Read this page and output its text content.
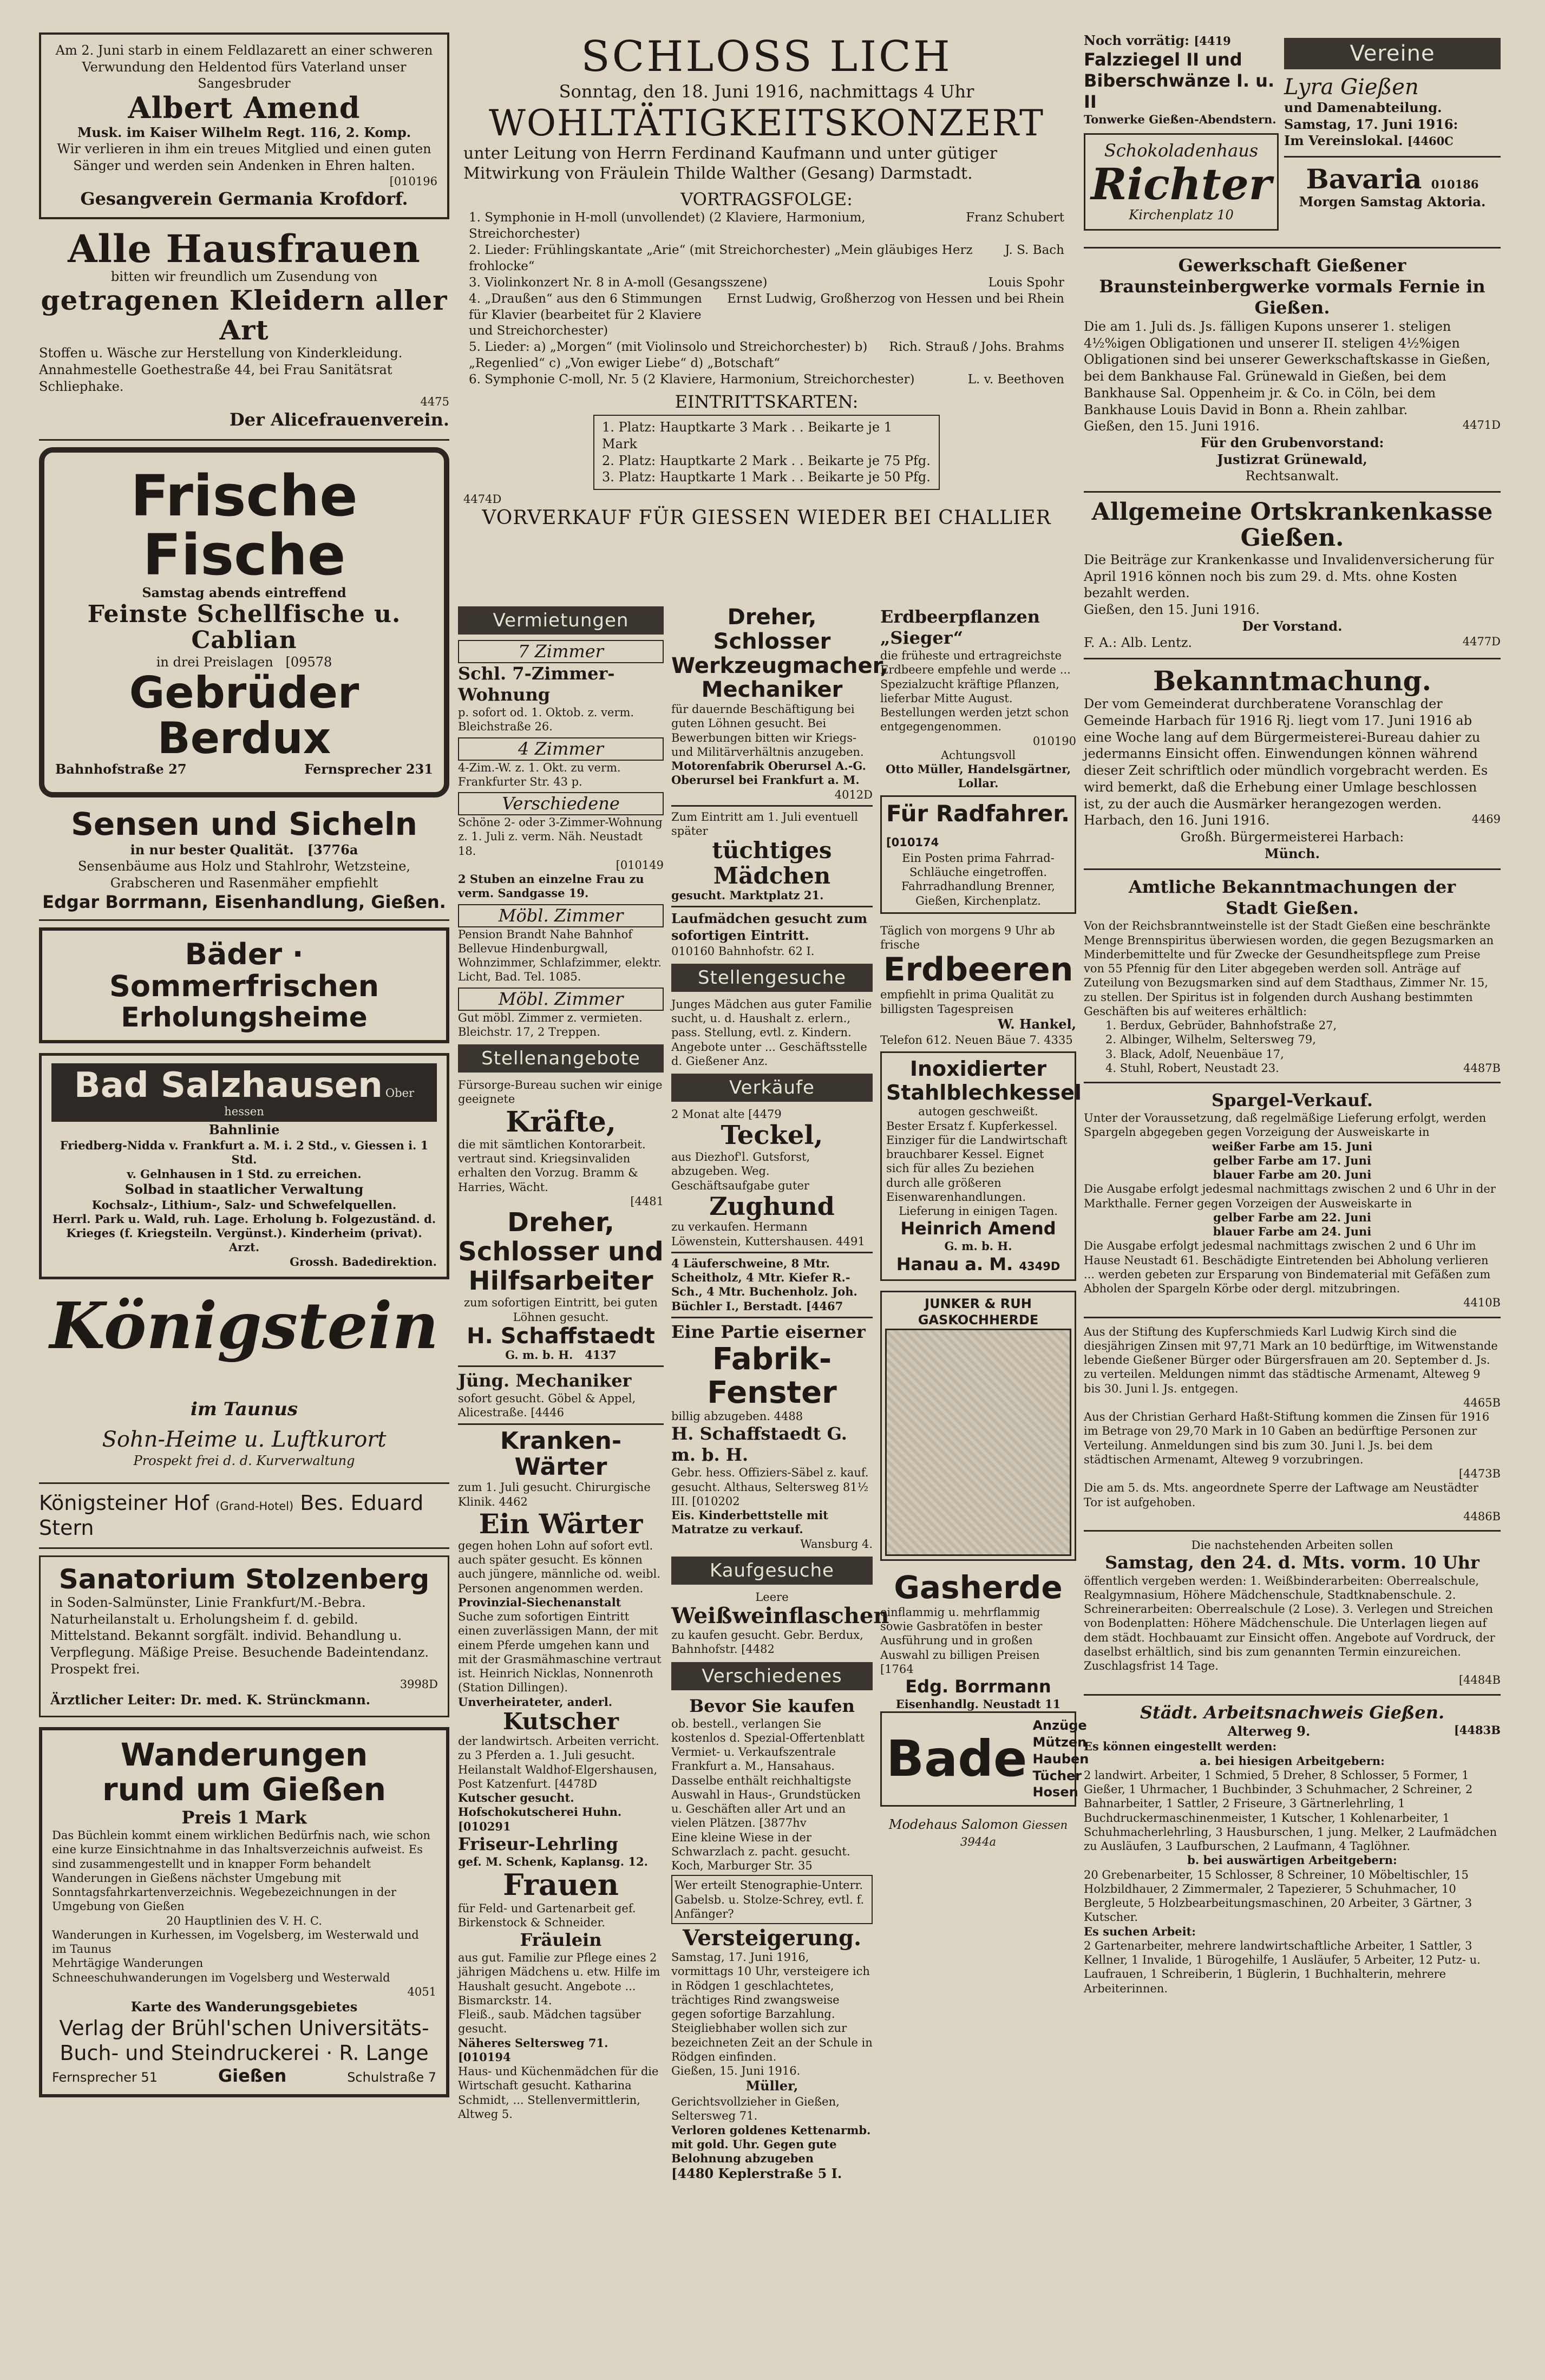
Am 2. Juni starb in einem Feldlazarett an einer schweren Verwundung den Heldentod fürs Vaterland unser Sangesbruder

Albert Amend

Musk. im Kaiser Wilhelm Regt. 116, 2. Komp.

Wir verlieren in ihm ein treues Mitglied und einen guten Sänger und werden sein Andenken in Ehren halten.

[010196

Gesangverein Germania Krofdorf.

Alle Hausfrauen

bitten wir freundlich um Zusendung von

getragenen Kleidern aller Art

Stoffen u. Wäsche zur Herstellung von Kinderkleidung. Annahmestelle Goethestraße 44, bei Frau Sanitätsrat Schliephake.

4475

Der Alicefrauenverein.

Frische Fische

Samstag abends eintreffend

Feinste Schellfische u. Cablian

in drei Preislagen [09578

Gebrüder Berdux

Bahnhofstraße 27	Fernsprecher 231

Sensen und Sicheln

in nur bester Qualität. [3776a

Sensenbäume aus Holz und Stahlrohr, Wetzsteine, Grabscheren und Rasenmäher empfiehlt

Edgar Borrmann, Eisenhandlung, Gießen.

Bäder · Sommerfrischen

Erholungsheime

Bad Salzhausen Ober hessen

Bahnlinie

Friedberg-Nidda v. Frankfurt a. M. i. 2 Std., v. Giessen i. 1 Std.

v. Gelnhausen in 1 Std. zu erreichen.

Solbad in staatlicher Verwaltung

Kochsalz-, Lithium-, Salz- und Schwefelquellen.

Herrl. Park u. Wald, ruh. Lage. Erholung b. Folgezuständ. d. Krieges (f. Kriegsteiln. Vergünst.). Kinderheim (privat). Arzt.

Grossh. Badedirektion.

Königstein im Taunus

Sohn-Heime u. Luftkurort

Prospekt frei d. d. Kurverwaltung

Königsteiner Hof (Grand-Hotel) Bes. Eduard Stern

Sanatorium Stolzenberg

in Soden-Salmünster, Linie Frankfurt/M.-Bebra. Naturheilanstalt u. Erholungsheim f. d. gebild. Mittelstand. Bekannt sorgfält. individ. Behandlung u. Verpflegung. Mäßige Preise. Besuchende Badeintendanz. Prospekt frei.

3998D

Ärztlicher Leiter: Dr. med. K. Strünckmann.

Wanderungen

rund um Gießen

Preis 1 Mark

Das Büchlein kommt einem wirklichen Bedürfnis nach, wie schon eine kurze Einsichtnahme in das Inhaltsverzeichnis aufweist. Es sind zusammengestellt und in knapper Form behandelt

Wanderungen in Gießens nächster Umgebung mit Sonntagsfahrkartenverzeichnis. Wegebezeichnungen in der Umgebung von Gießen

20 Hauptlinien des V. H. C.

Wanderungen in Kurhessen, im Vogelsberg, im Westerwald und im Taunus

Mehrtägige Wanderungen

Schneeschuhwanderungen im Vogelsberg und Westerwald

4051

Karte des Wanderungsgebietes

Verlag der Brühl'schen Universitäts-

Buch- und Steindruckerei · R. Lange

Fernsprecher 51	Gießen	Schulstraße 7

SCHLOSS LICH

Sonntag, den 18. Juni 1916, nachmittags 4 Uhr

WOHLTÄTIGKEITSKONZERT

unter Leitung von Herrn Ferdinand Kaufmann und unter gütiger Mitwirkung von Fräulein Thilde Walther (Gesang) Darmstadt.

VORTRAGSFOLGE:

1. Symphonie in H-moll (unvollendet) (2 Klaviere, Harmonium, Streichorchester)
Franz Schubert
2. Lieder: Frühlingskantate „Arie“ (mit Streichorchester) „Mein gläubiges Herz frohlocke“
J. S. Bach
3. Violinkonzert Nr. 8 in A-moll (Gesangsszene)	Louis Spohr
4. „Draußen“ aus den 6 Stimmungen für Klavier (bearbeitet für 2 Klaviere und Streichorchester)
Ernst Ludwig, Großherzog von Hessen und bei Rhein
5. Lieder: a) „Morgen“ (mit Violinsolo und Streichorchester) b) „Regenlied“ c) „Von ewiger Liebe“ d) „Botschaft“
Rich. Strauß / Johs. Brahms
6. Symphonie C-moll, Nr. 5 (2 Klaviere, Harmonium, Streichorchester)	L. v. Beethoven

EINTRITTSKARTEN:

1. Platz: Hauptkarte 3 Mark . . Beikarte je 1 Mark

2. Platz: Hauptkarte 2 Mark . . Beikarte je 75 Pfg.

3. Platz: Hauptkarte 1 Mark . . Beikarte je 50 Pfg.

4474D

VORVERKAUF FÜR GIESSEN WIEDER BEI CHALLIER

Vermietungen
7 Zimmer

Schl. 7-Zimmer-Wohnung

p. sofort od. 1. Oktob. z. verm. Bleichstraße 26.

4 Zimmer

4-Zim.-W. z. 1. Okt. zu verm. Frankfurter Str. 43 p.

Verschiedene

Schöne 2- oder 3-Zimmer-Wohnung z. 1. Juli z. verm. Näh. Neustadt 18.

[010149

2 Stuben an einzelne Frau zu verm. Sandgasse 19.

Möbl. Zimmer

Pension Brandt Nahe Bahnhof Bellevue Hindenburgwall, Wohnzimmer, Schlafzimmer, elektr. Licht, Bad. Tel. 1085.

Möbl. Zimmer

Gut möbl. Zimmer z. vermieten. Bleichstr. 17, 2 Treppen.

Stellenangebote

Fürsorge-Bureau suchen wir einige geeignete

Kräfte,

die mit sämtlichen Kontorarbeit. vertraut sind. Kriegsinvaliden erhalten den Vorzug. Bramm & Harries, Wächt.

[4481

Dreher, Schlosser und Hilfsarbeiter

zum sofortigen Eintritt, bei guten Löhnen gesucht.

H. Schaffstaedt

G. m. b. H. 4137

Jüng. Mechaniker

sofort gesucht. Göbel & Appel, Alicestraße. [4446

Kranken-Wärter

zum 1. Juli gesucht. Chirurgische Klinik. 4462

Ein Wärter

gegen hohen Lohn auf sofort evtl. auch später gesucht. Es können auch jüngere, männliche od. weibl. Personen angenommen werden.

Provinzial-Siechenanstalt

Suche zum sofortigen Eintritt einen zuverlässigen Mann, der mit einem Pferde umgehen kann und mit der Grasmähmaschine vertraut ist. Heinrich Nicklas, Nonnenroth (Station Dillingen).

Unverheirateter, anderl.

Kutscher

der landwirtsch. Arbeiten verricht. zu 3 Pferden a. 1. Juli gesucht. Heilanstalt Waldhof-Elgershausen, Post Katzenfurt. [4478D

Kutscher gesucht. Hofschokutscherei Huhn. [010291

Friseur-Lehrling

gef. M. Schenk, Kaplansg. 12.

Frauen

für Feld- und Gartenarbeit gef. Birkenstock & Schneider.

Fräulein

aus gut. Familie zur Pflege eines 2 jährigen Mädchens u. etw. Hilfe im Haushalt gesucht. Angebote ... Bismarckstr. 14.

Fleiß., saub. Mädchen tagsüber gesucht.

Näheres Seltersweg 71. [010194

Haus- und Küchenmädchen für die Wirtschaft gesucht. Katharina Schmidt, ... Stellenvermittlerin, Altweg 5.

Dreher, Schlosser Werkzeugmacher, Mechaniker

für dauernde Beschäftigung bei guten Löhnen gesucht. Bei Bewerbungen bitten wir Kriegs- und Militärverhältnis anzugeben.

Motorenfabrik Oberursel A.-G. Oberursel bei Frankfurt a. M.

4012D

Zum Eintritt am 1. Juli eventuell später

tüchtiges Mädchen

gesucht. Marktplatz 21.

Laufmädchen gesucht zum sofortigen Eintritt.

010160 Bahnhofstr. 62 I.

Stellengesuche

Junges Mädchen aus guter Familie sucht, u. d. Haushalt z. erlern., pass. Stellung, evtl. z. Kindern. Angebote unter ... Geschäftsstelle d. Gießener Anz.

Verkäufe

2 Monat alte [4479

Teckel,

aus Diezhof'l. Gutsforst, abzugeben. Weg. Geschäftsaufgabe guter

Zughund

zu verkaufen. Hermann Löwenstein, Kuttershausen. 4491

4 Läuferschweine, 8 Mtr. Scheitholz, 4 Mtr. Kiefer R.-Sch., 4 Mtr. Buchenholz. Joh. Büchler I., Berstadt. [4467

Eine Partie eiserner

Fabrik-Fenster

billig abzugeben. 4488

H. Schaffstaedt G. m. b. H.

Gebr. hess. Offiziers-Säbel z. kauf. gesucht. Althaus, Seltersweg 81½ III. [010202

Eis. Kinderbettstelle mit Matratze zu verkauf.

Wansburg 4.

Kaufgesuche

Leere

Weißweinflaschen

zu kaufen gesucht. Gebr. Berdux, Bahnhofstr. [4482

Verschiedenes

Bevor Sie kaufen

ob. bestell., verlangen Sie kostenlos d. Spezial-Offertenblatt Vermiet- u. Verkaufszentrale Frankfurt a. M., Hansahaus. Dasselbe enthält reichhaltigste Auswahl in Haus-, Grundstücken u. Geschäften aller Art und an vielen Plätzen. [3877hv

Eine kleine Wiese in der Schwarzlach z. pacht. gesucht. Koch, Marburger Str. 35

Wer erteilt Stenographie-Unterr. Gabelsb. u. Stolze-Schrey, evtl. f. Anfänger?

Versteigerung.

Samstag, 17. Juni 1916, vormittags 10 Uhr, versteigere ich in Rödgen 1 geschlachtetes, trächtiges Rind zwangsweise gegen sofortige Barzahlung. Steigliebhaber wollen sich zur bezeichneten Zeit an der Schule in Rödgen einfinden.

Gießen, 15. Juni 1916.

Müller,

Gerichtsvollzieher in Gießen, Seltersweg 71.

Verloren goldenes Kettenarmb. mit gold. Uhr. Gegen gute Belohnung abzugeben

[4480 Keplerstraße 5 I.

Erdbeerpflanzen „Sieger“

die früheste und ertragreichste Erdbeere empfehle und werde ... Spezialzucht kräftige Pflanzen, lieferbar Mitte August. Bestellungen werden jetzt schon entgegengenommen.

010190

Achtungsvoll

Otto Müller, Handelsgärtner, Lollar.

Für Radfahrer. [010174

Ein Posten prima Fahrrad-Schläuche eingetroffen. Fahrradhandlung Brenner, Gießen, Kirchenplatz.

Täglich von morgens 9 Uhr ab frische

Erdbeeren

empfiehlt in prima Qualität zu billigsten Tagespreisen

W. Hankel,

Telefon 612. Neuen Bäue 7. 4335

Inoxidierter Stahlblechkessel

autogen geschweißt.

Bester Ersatz f. Kupferkessel. Einziger für die Landwirtschaft brauchbarer Kessel. Eignet sich für alles Zu beziehen durch alle größeren Eisenwarenhandlungen.

Lieferung in einigen Tagen.

Heinrich Amend

G. m. b. H.

Hanau a. M. 4349D

JUNKER & RUH GASKOCHHERDE

Gasherde

einflammig u. mehrflammig sowie Gasbratöfen in bester Ausführung und in großen Auswahl zu billigen Preisen [1764

Edg. Borrmann

Eisenhandlg. Neustadt 11

Bade

Anzüge

Mützen

Hauben

Tücher

Hosen

Modehaus Salomon Giessen 3944a

Noch vorrätig: [4419

Falzziegel II und

Biberschwänze I. u. II

Tonwerke Gießen-Abendstern.

Schokoladenhaus

Richter

Kirchenplatz 10

Vereine

Lyra Gießen

und Damenabteilung.

Samstag, 17. Juni 1916:

Im Vereinslokal. [4460C

Bavaria 010186

Morgen Samstag Aktoria.

Gewerkschaft Gießener Braunsteinbergwerke vormals Fernie in Gießen.

Die am 1. Juli ds. Js. fälligen Kupons unserer 1. steligen 4½%igen Obligationen und unserer II. steligen 4½%igen Obligationen sind bei unserer Gewerkschaftskasse in Gießen, bei dem Bankhause Fal. Grünewald in Gießen, bei dem Bankhause Sal. Oppenheim jr. & Co. in Cöln, bei dem Bankhause Louis David in Bonn a. Rhein zahlbar.

Gießen, den 15. Juni 1916.	4471D

Für den Grubenvorstand:

Justizrat Grünewald,

Rechtsanwalt.

Allgemeine Ortskrankenkasse Gießen.

Die Beiträge zur Krankenkasse und Invalidenversicherung für April 1916 können noch bis zum 29. d. Mts. ohne Kosten bezahlt werden.

Gießen, den 15. Juni 1916.

Der Vorstand.

F. A.: Alb. Lentz.	4477D

Bekanntmachung.

Der vom Gemeinderat durchberatene Voranschlag der Gemeinde Harbach für 1916 Rj. liegt vom 17. Juni 1916 ab eine Woche lang auf dem Bürgermeisterei-Bureau dahier zu jedermanns Einsicht offen. Einwendungen können während dieser Zeit schriftlich oder mündlich vorgebracht werden. Es wird bemerkt, daß die Erhebung einer Umlage beschlossen ist, zu der auch die Ausmärker herangezogen werden.

Harbach, den 16. Juni 1916.	4469

Großh. Bürgermeisterei Harbach:

Münch.

Amtliche Bekanntmachungen der

Stadt Gießen.

Von der Reichsbranntweinstelle ist der Stadt Gießen eine beschränkte Menge Brennspiritus überwiesen worden, die gegen Bezugsmarken an Minderbemittelte und für Zwecke der Gesundheitspflege zum Preise von 55 Pfennig für den Liter abgegeben werden soll. Anträge auf Zuteilung von Bezugsmarken sind auf dem Stadthaus, Zimmer Nr. 15, zu stellen. Der Spiritus ist in folgenden durch Aushang bestimmten Geschäften bis auf weiteres erhältlich:

1. Berdux, Gebrüder, Bahnhofstraße 27,

2. Albinger, Wilhelm, Seltersweg 79,

3. Black, Adolf, Neuenbäue 17,

4. Stuhl, Robert, Neustadt 23.	4487B

Spargel-Verkauf.

Unter der Voraussetzung, daß regelmäßige Lieferung erfolgt, werden Spargeln abgegeben gegen Vorzeigung der Ausweiskarte in

weißer Farbe am 15. Juni

gelber Farbe am 17. Juni

blauer Farbe am 20. Juni

Die Ausgabe erfolgt jedesmal nachmittags zwischen 2 und 6 Uhr in der Markthalle. Ferner gegen Vorzeigen der Ausweiskarte in

gelber Farbe am 22. Juni

blauer Farbe am 24. Juni

Die Ausgabe erfolgt jedesmal nachmittags zwischen 2 und 6 Uhr im Hause Neustadt 61. Beschädigte Eintretenden bei Abholung verlieren ... werden gebeten zur Ersparung von Bindematerial mit Gefäßen zum Abholen der Spargeln Körbe oder dergl. mitzubringen.

4410B

Aus der Stiftung des Kupferschmieds Karl Ludwig Kirch sind die diesjährigen Zinsen mit 97,71 Mark an 10 bedürftige, im Witwenstande lebende Gießener Bürger oder Bürgersfrauen am 20. September d. Js. zu verteilen. Meldungen nimmt das städtische Armenamt, Alteweg 9 bis 30. Juni l. Js. entgegen.

4465B

Aus der Christian Gerhard Haßt-Stiftung kommen die Zinsen für 1916 im Betrage von 29,70 Mark in 10 Gaben an bedürftige Personen zur Verteilung. Anmeldungen sind bis zum 30. Juni l. Js. bei dem städtischen Armenamt, Alteweg 9 vorzubringen.

[4473B

Die am 5. ds. Mts. angeordnete Sperre der Laftwage am Neustädter Tor ist aufgehoben.

4486B

Die nachstehenden Arbeiten sollen

Samstag, den 24. d. Mts. vorm. 10 Uhr

öffentlich vergeben werden: 1. Weißbinderarbeiten: Oberrealschule, Realgymnasium, Höhere Mädchenschule, Stadtknabenschule. 2. Schreinerarbeiten: Oberrealschule (2 Lose). 3. Verlegen und Streichen von Bodenplatten: Höhere Mädchenschule. Die Unterlagen liegen auf dem städt. Hochbauamt zur Einsicht offen. Angebote auf Vordruck, der daselbst erhältlich, sind bis zum genannten Termin einzureichen. Zuschlagsfrist 14 Tage.

[4484B

Städt. Arbeitsnachweis Gießen.

Alterweg 9.	[4483B

Es können eingestellt werden:

a. bei hiesigen Arbeitgebern:

2 landwirt. Arbeiter, 1 Schmied, 5 Dreher, 8 Schlosser, 5 Former, 1 Gießer, 1 Uhrmacher, 1 Buchbinder, 3 Schuhmacher, 2 Schreiner, 2 Bahnarbeiter, 1 Sattler, 2 Friseure, 3 Gärtnerlehrling, 1 Buchdruckermaschinenmeister, 1 Kutscher, 1 Kohlenarbeiter, 1 Schuhmacherlehrling, 3 Hausburschen, 1 jung. Melker, 2 Laufmädchen zu Ausläufen, 3 Laufburschen, 2 Laufmann, 4 Taglöhner.

b. bei auswärtigen Arbeitgebern:

20 Grebenarbeiter, 15 Schlosser, 8 Schreiner, 10 Möbeltischler, 15 Holzbildhauer, 2 Zimmermaler, 2 Tapezierer, 5 Schuhmacher, 10 Bergleute, 5 Holzbearbeitungsmaschinen, 20 Arbeiter, 3 Gärtner, 3 Kutscher.

Es suchen Arbeit:

2 Gartenarbeiter, mehrere landwirtschaftliche Arbeiter, 1 Sattler, 3 Kellner, 1 Invalide, 1 Bürogehilfe, 1 Ausläufer, 5 Arbeiter, 12 Putz- u. Laufrauen, 1 Schreiberin, 1 Büglerin, 1 Buchhalterin, mehrere Arbeiterinnen.
